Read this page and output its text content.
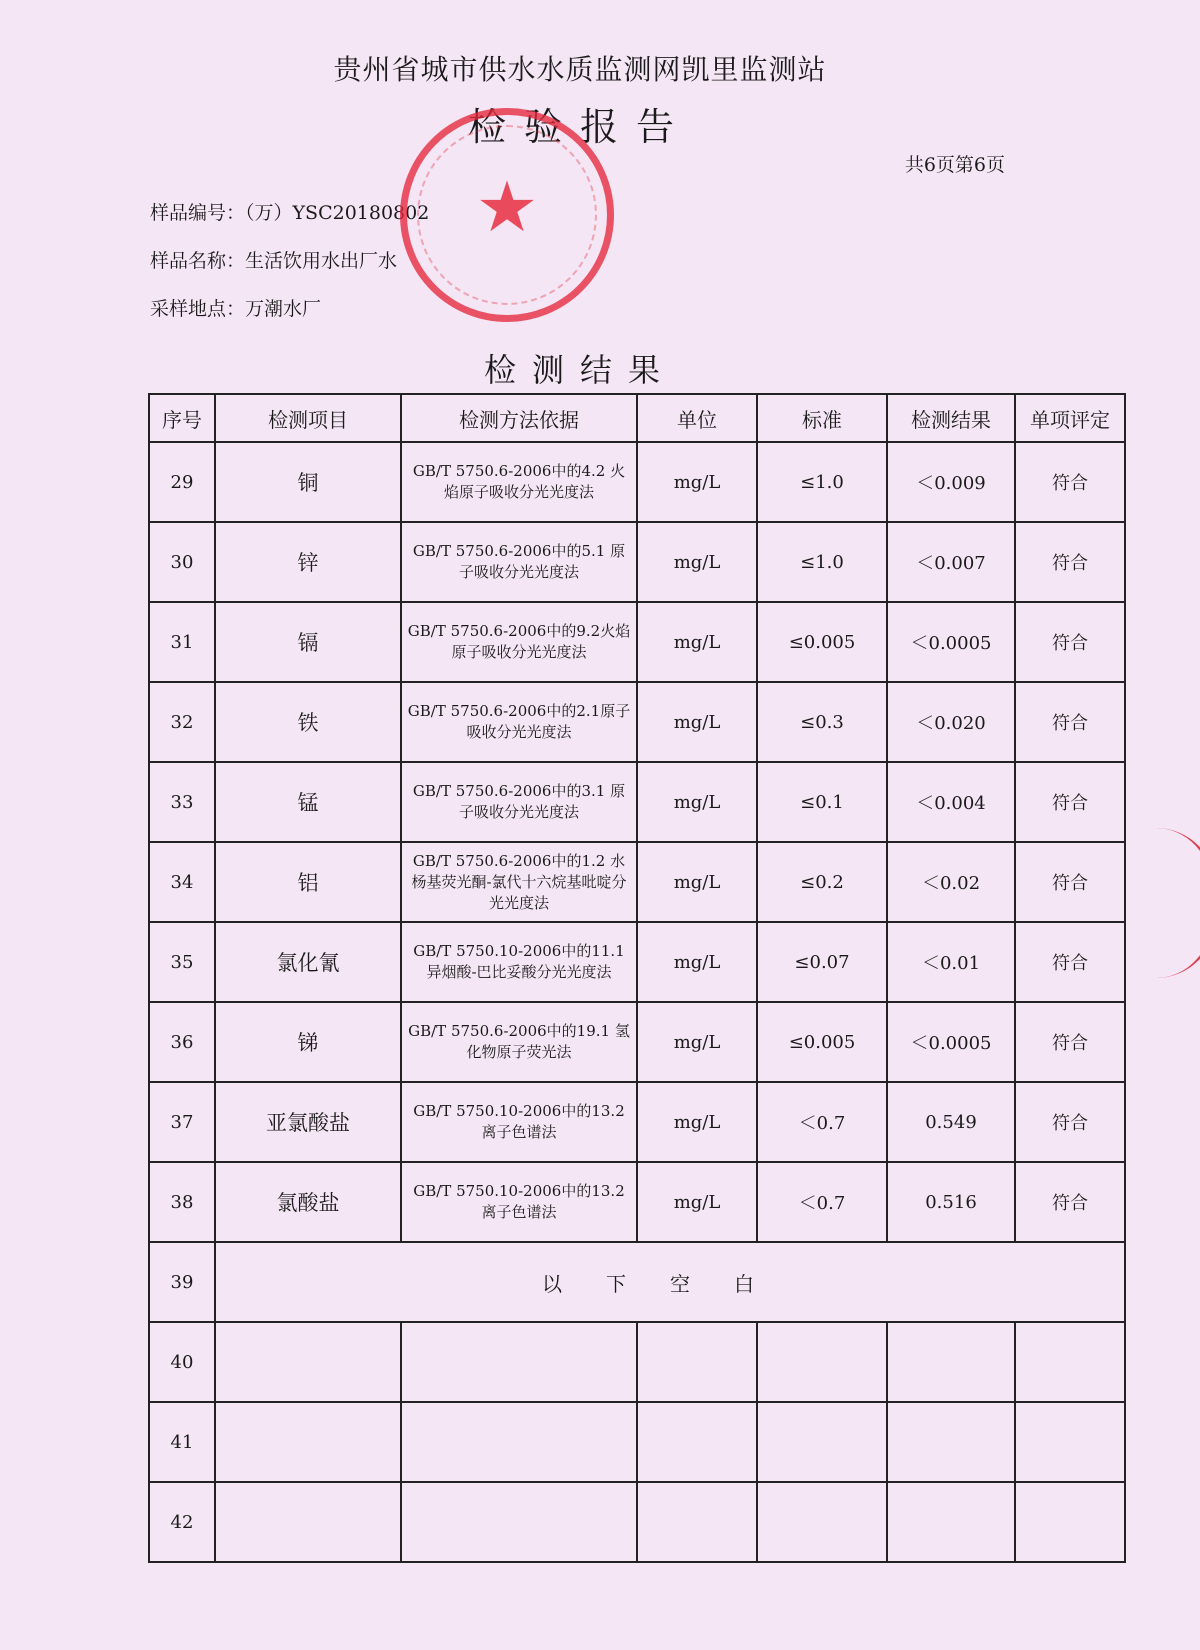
贵州省城市供水水质监测网凯里监测站
检验报告
共6页第6页
样品编号：（万）YSC20180802
样品名称：生活饮用水出厂水
采样地点：万潮水厂
检测结果
序号	检测项目	检测方法依据	单位	标准	检测结果	单项评定
29	铜	GB/T 5750.6-2006中的4.2 火焰原子吸收分光光度法	mg/L	≤1.0	＜0.009	符合
30	锌	GB/T 5750.6-2006中的5.1 原子吸收分光光度法	mg/L	≤1.0	＜0.007	符合
31	镉	GB/T 5750.6-2006中的9.2火焰原子吸收分光光度法	mg/L	≤0.005	＜0.0005	符合
32	铁	GB/T 5750.6-2006中的2.1原子吸收分光光度法	mg/L	≤0.3	＜0.020	符合
33	锰	GB/T 5750.6-2006中的3.1 原子吸收分光光度法	mg/L	≤0.1	＜0.004	符合
34	铝	GB/T 5750.6-2006中的1.2 水杨基荧光酮-氯代十六烷基吡啶分光光度法	mg/L	≤0.2	＜0.02	符合
35	氯化氰	GB/T 5750.10-2006中的11.1 异烟酸-巴比妥酸分光光度法	mg/L	≤0.07	＜0.01	符合
36	锑	GB/T 5750.6-2006中的19.1 氢化物原子荧光法	mg/L	≤0.005	＜0.0005	符合
37	亚氯酸盐	GB/T 5750.10-2006中的13.2 离子色谱法	mg/L	＜0.7	0.549	符合
38	氯酸盐	GB/T 5750.10-2006中的13.2 离子色谱法	mg/L	＜0.7	0.516	符合
39	以下空白					
40						
41						
42						
★
